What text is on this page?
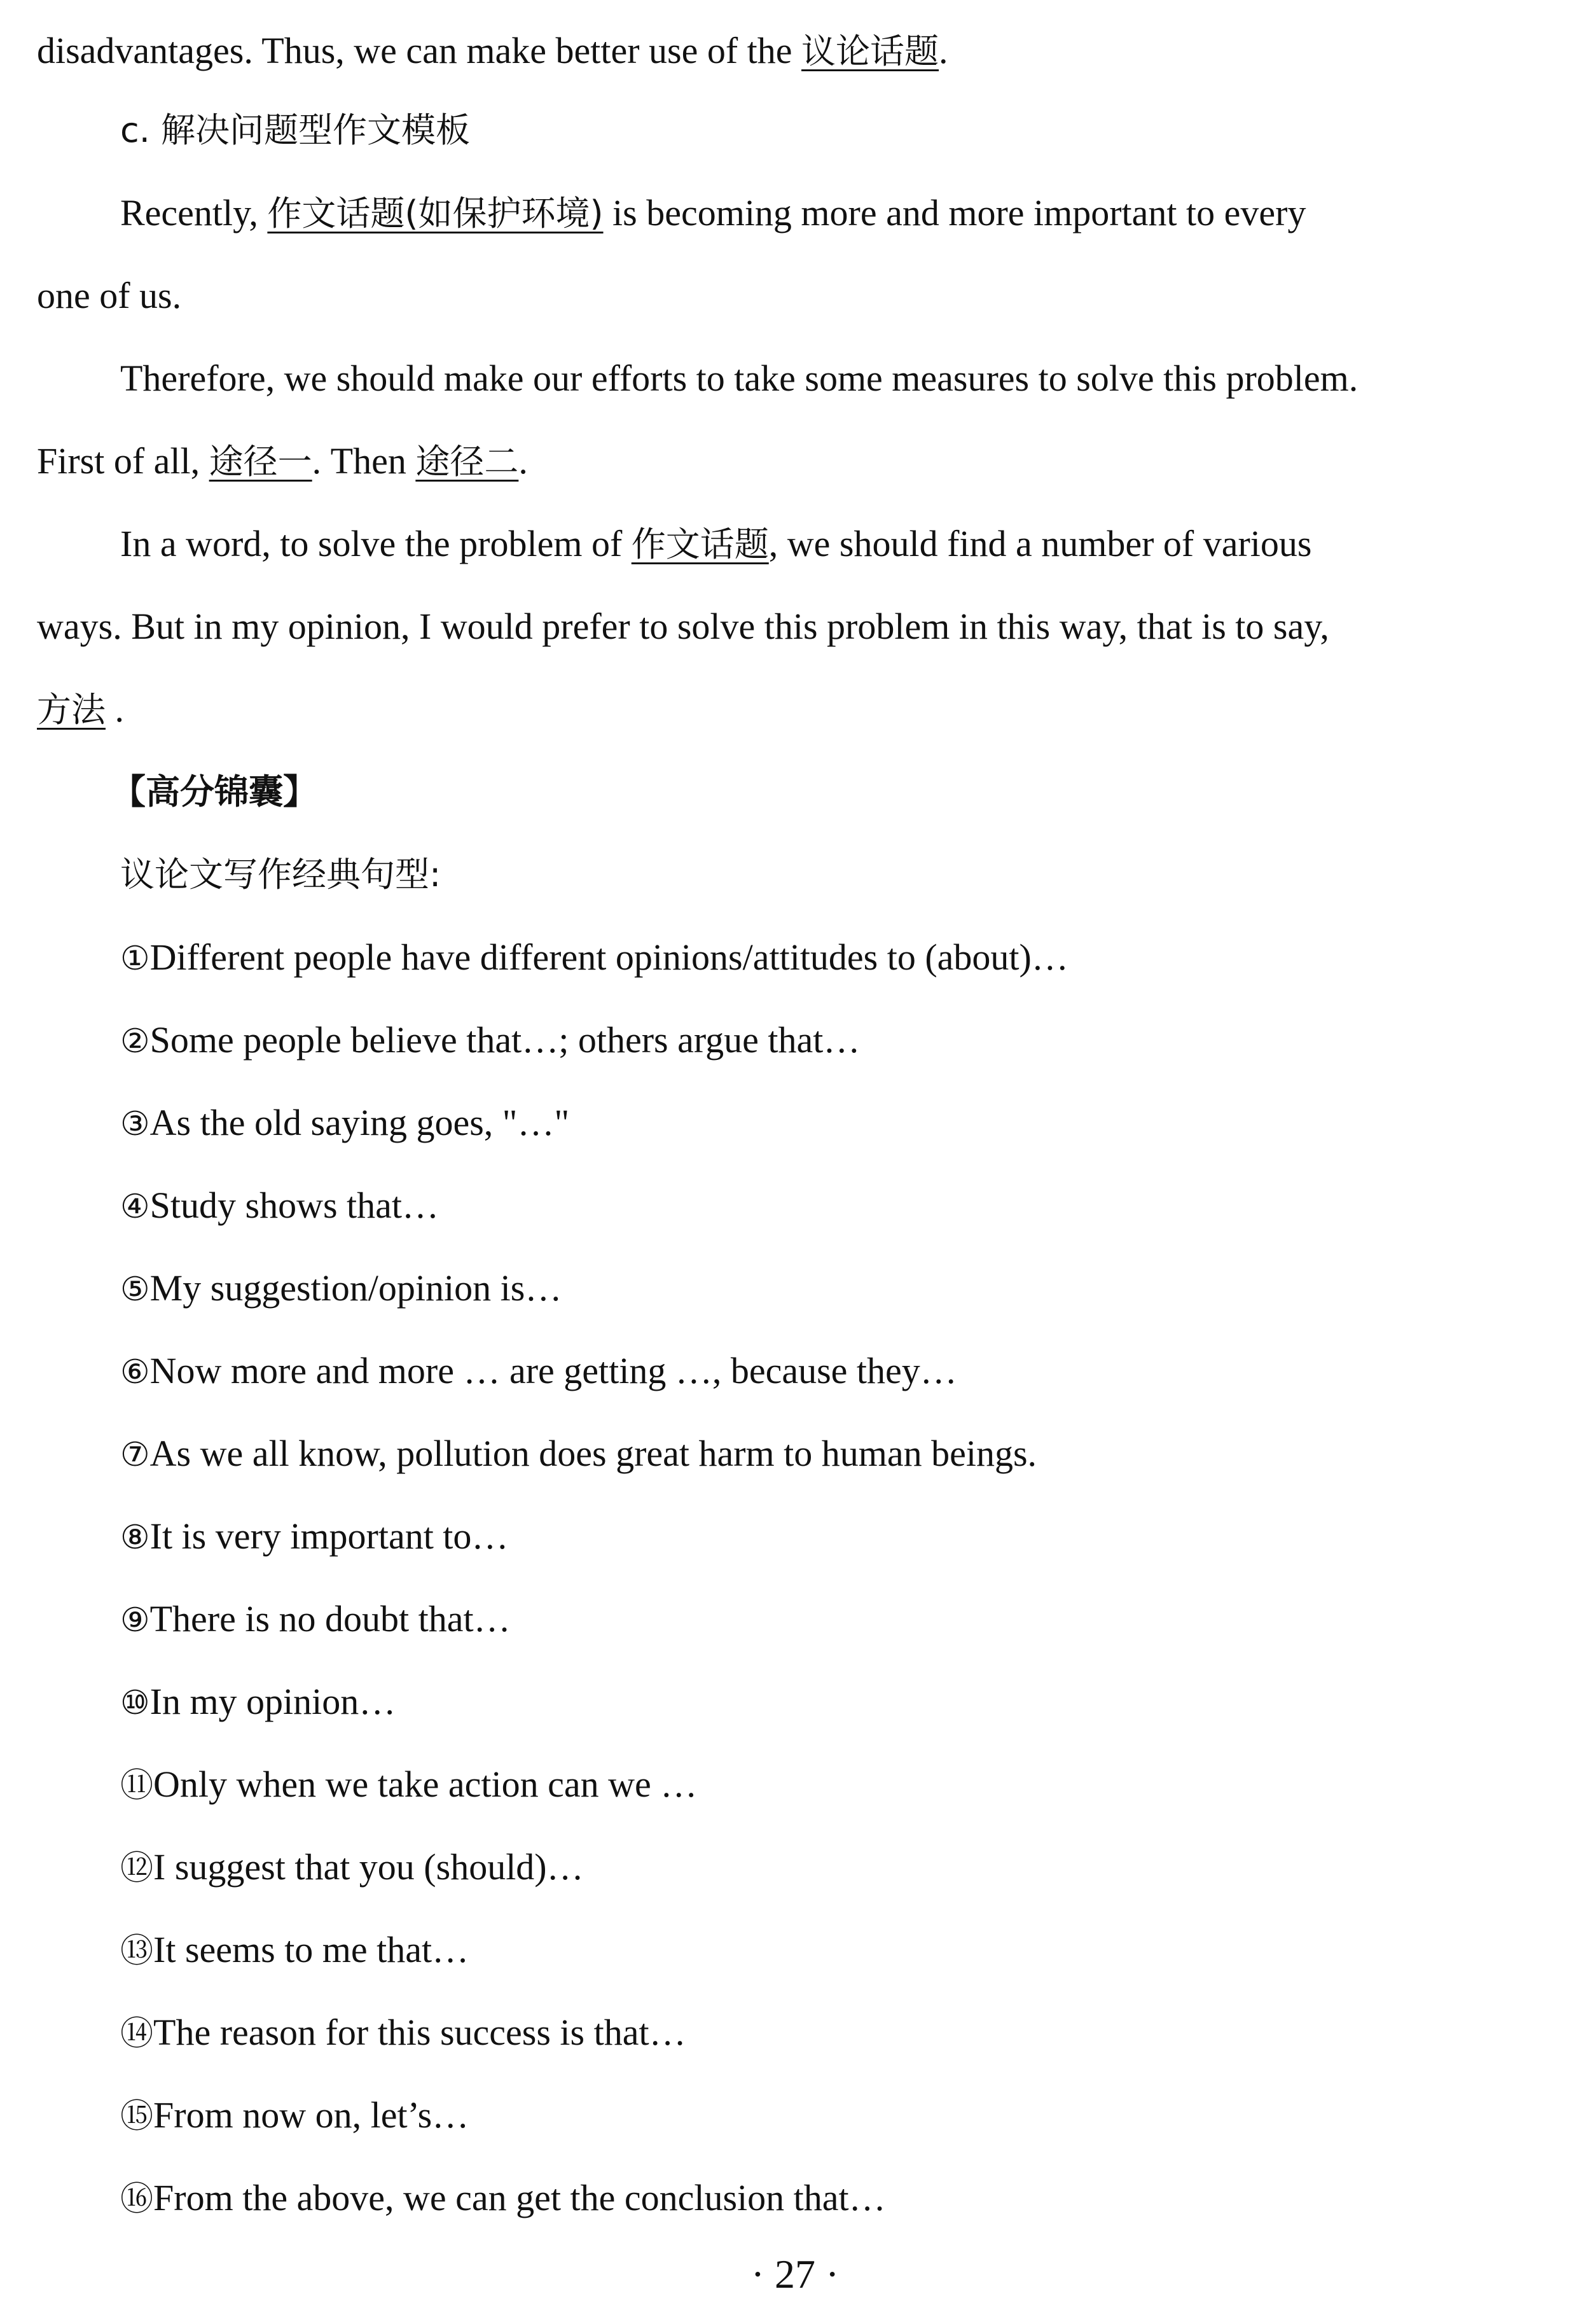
disadvantages. Thus, we can make better use of the 议论话题.
c. 解决问题型作文模板
Recently, 作文话题(如保护环境) is becoming more and more important to every
one of us.
Therefore, we should make our efforts to take some measures to solve this problem.
First of all, 途径一. Then 途径二.
In a word, to solve the problem of 作文话题, we should find a number of various
ways. But in my opinion, I would prefer to solve this problem in this way, that is to say,
方法 .
【高分锦囊】
议论文写作经典句型:
①Different people have different opinions/attitudes to (about)…
②Some people believe that…; others argue that…
③As the old saying goes, "…"
④Study shows that…
⑤My suggestion/opinion is…
⑥Now more and more … are getting …, because they…
⑦As we all know, pollution does great harm to human beings.
⑧It is very important to…
⑨There is no doubt that…
⑩In my opinion…
⑪Only when we take action can we …
⑫I suggest that you (should)…
⑬It seems to me that…
⑭The reason for this success is that…
⑮From now on, let’s…
⑯From the above, we can get the conclusion that…
· 27 ·
